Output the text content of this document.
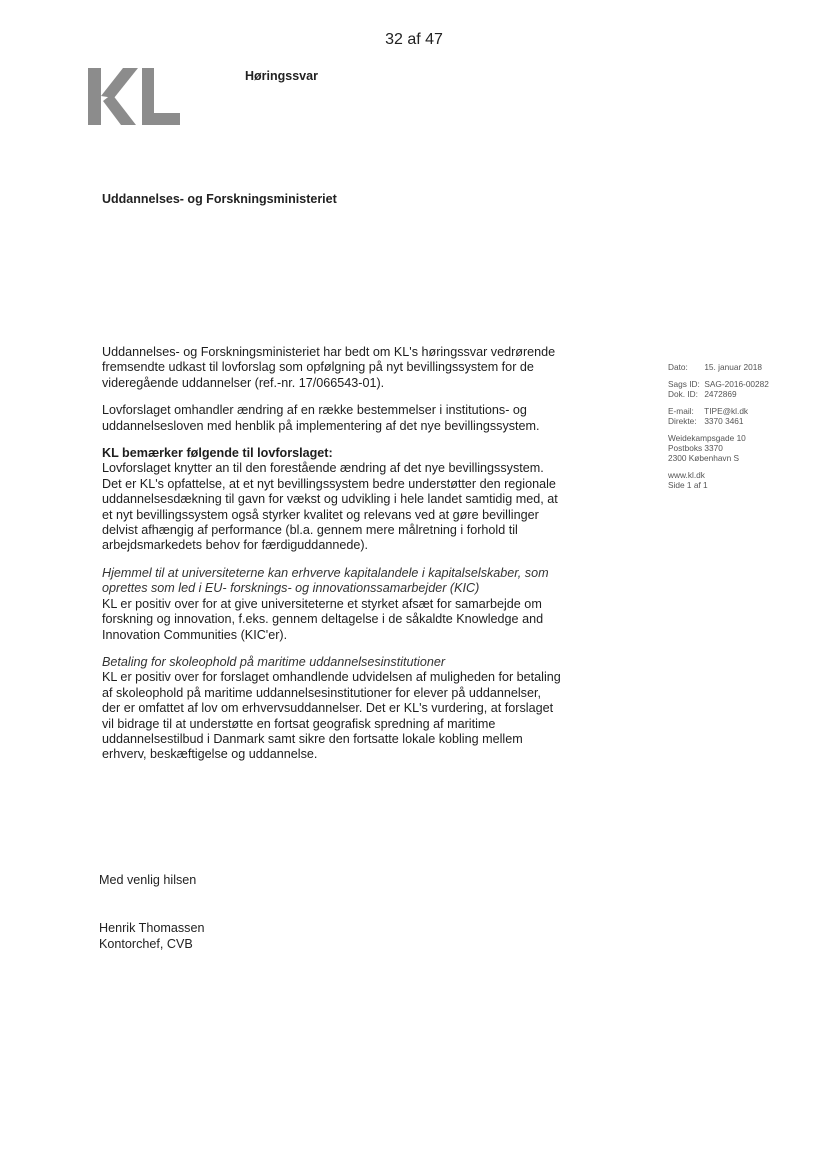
32 af 47
Høringssvar
Uddannelses- og Forskningsministeriet
Dato: 15. januar 2018
Sags ID: SAG-2016-00282
Dok. ID: 2472869
E-mail: TIPE@kl.dk
Direkte: 3370 3461
Weidekampsgade 10
Postboks 3370
2300 København S
www.kl.dk
Side 1 af 1

Uddannelses- og Forskningsministeriet har bedt om KL's høringssvar vedrørende fremsendte udkast til lovforslag som opfølgning på nyt bevillingssystem for de videregående uddannelser (ref.-nr. 17/066543-01).

Lovforslaget omhandler ændring af en række bestemmelser i institutions- og uddannelsesloven med henblik på implementering af det nye bevillingssystem.

KL bemærker følgende til lovforslaget:
Lovforslaget knytter an til den forestående ændring af det nye bevillingssystem. Det er KL's opfattelse, at et nyt bevillingssystem bedre understøtter den regionale uddannelsesdækning til gavn for vækst og udvikling i hele landet samtidig med, at et nyt bevillingssystem også styrker kvalitet og relevans ved at gøre bevillinger delvist afhængig af performance (bl.a. gennem mere målretning i forhold til arbejdsmarkedets behov for færdiguddannede).

Hjemmel til at universiteterne kan erhverve kapitalandele i kapitalselskaber, som oprettes som led i EU- forsknings- og innovationssamarbejder (KIC)
KL er positiv over for at give universiteterne et styrket afsæt for samarbejde om forskning og innovation, f.eks. gennem deltagelse i de såkaldte Knowledge and Innovation Communities (KIC'er).

Betaling for skoleophold på maritime uddannelsesinstitutioner
KL er positiv over for forslaget omhandlende udvidelsen af muligheden for betaling af skoleophold på maritime uddannelsesinstitutioner for elever på uddannelser, der er omfattet af lov om erhvervsuddannelser. Det er KL's vurdering, at forslaget vil bidrage til at understøtte en fortsat geografisk spredning af maritime uddannelsestilbud i Danmark samt sikre den fortsatte lokale kobling mellem erhverv, beskæftigelse og uddannelse.

Med venlig hilsen
Henrik Thomassen
Kontorchef, CVB
